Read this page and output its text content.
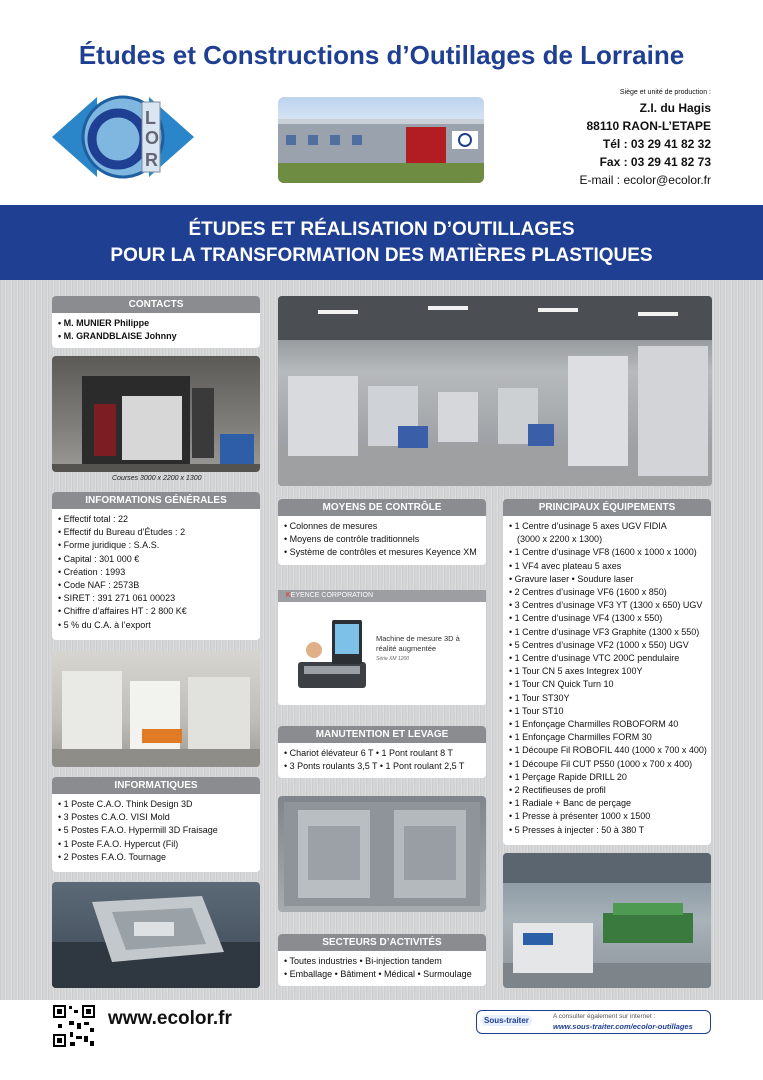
Études et Constructions d’Outillages de Lorraine
L
O
R
Siège et unité de production :
Z.I. du Hagis
88110 RAON-L’ETAPE
Tél : 03 29 41 82 32
Fax : 03 29 41 82 73
E-mail : ecolor@ecolor.fr
ÉTUDES ET RÉALISATION D’OUTILLAGES
POUR LA TRANSFORMATION DES MATIÈRES PLASTIQUES
CONTACTS
• M. MUNIER Philippe
• M. GRANDBLAISE Johnny
Courses 3000 x 2200 x 1300
INFORMATIONS GÉNÉRALES
• Effectif total : 22
• Effectif du Bureau d’Études : 2
• Forme juridique : S.A.S.
• Capital : 301 000 €
• Création : 1993
• Code NAF : 2573B
• SIRET : 391 271 061 00023
• Chiffre d’affaires HT : 2 800 K€
• 5 % du C.A. à l’export
INFORMATIQUES
• 1 Poste C.A.O. Think Design 3D
• 3 Postes C.A.O. VISI Mold
• 5 Postes F.A.O. Hypermill 3D Fraisage
• 1 Poste F.A.O. Hypercut (Fil)
• 2 Postes F.A.O. Tournage
MOYENS DE CONTRÔLE
• Colonnes de mesures
• Moyens de contrôle traditionnels
• Système de contrôles et mesures Keyence XM
KEYENCE CORPORATION
Machine de mesure 3D à
réalité augmentée
Série XM 1200
MANUTENTION ET LEVAGE
• Chariot élévateur 6 T • 1 Pont roulant 8 T
• 3 Ponts roulants 3,5 T • 1 Pont roulant 2,5 T
SECTEURS D’ACTIVITÉS
• Toutes industries • Bi-injection tandem
• Emballage • Bâtiment • Médical • Surmoulage
PRINCIPAUX ÉQUIPEMENTS
• 1 Centre d’usinage 5 axes UGV FIDIA
(3000 x 2200 x 1300)
• 1 Centre d’usinage VF8 (1600 x 1000 x 1000)
• 1 VF4 avec plateau 5 axes
• Gravure laser • Soudure laser
• 2 Centres d’usinage VF6 (1600 x 850)
• 3 Centres d’usinage VF3 YT (1300 x 650) UGV
• 1 Centre d’usinage VF4 (1300 x 550)
• 1 Centre d’usinage VF3 Graphite (1300 x 550)
• 5 Centres d’usinage VF2 (1000 x 550) UGV
• 1 Centre d’usinage VTC 200C pendulaire
• 1 Tour CN 5 axes Integrex 100Y
• 1 Tour CN Quick Turn 10
• 1 Tour ST30Y
• 1 Tour ST10
• 1 Enfonçage Charmilles ROBOFORM 40
• 1 Enfonçage Charmilles FORM 30
• 1 Découpe Fil ROBOFIL 440 (1000 x 700 x 400)
• 1 Découpe Fil CUT P550 (1000 x 700 x 400)
• 1 Perçage Rapide DRILL 20
• 2 Rectifieuses de profil
• 1 Radiale + Banc de perçage
• 1 Presse à présenter 1000 x 1500
• 5 Presses à injecter : 50 à 380 T
www.ecolor.fr	Sous-traiter	A consulter également sur internet :
www.sous-traiter.com/ecolor-outillages
